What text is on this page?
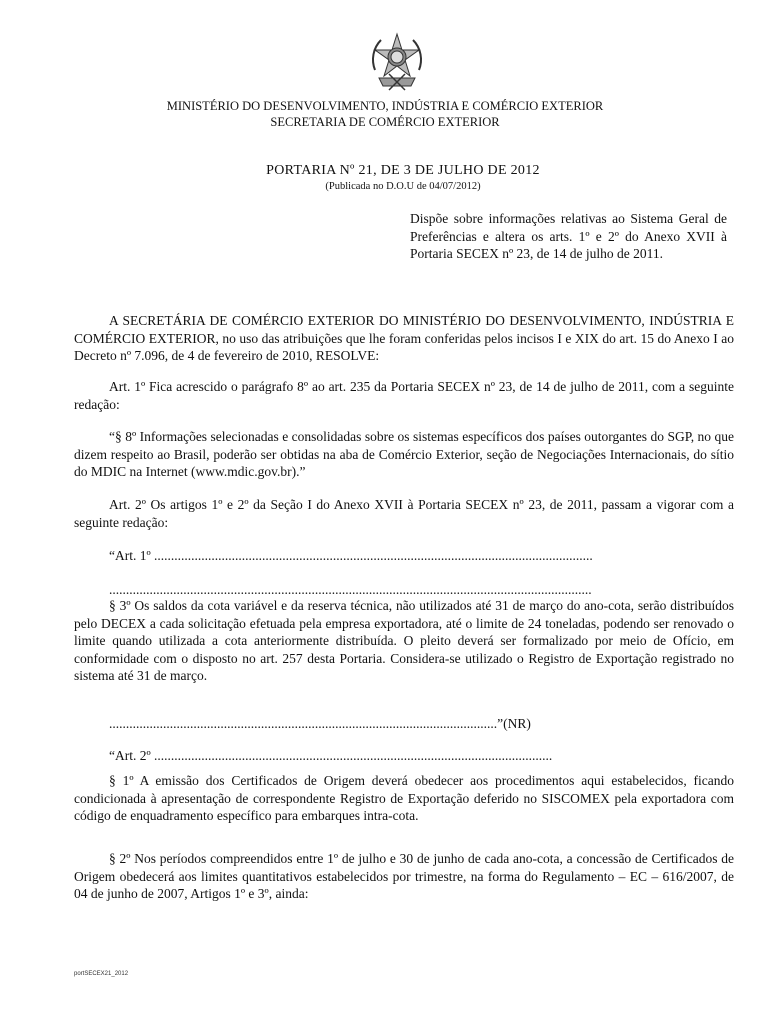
MINISTÉRIO DO DESENVOLVIMENTO, INDÚSTRIA E COMÉRCIO EXTERIOR
SECRETARIA DE COMÉRCIO EXTERIOR
PORTARIA Nº 21, DE 3 DE JULHO DE 2012
(Publicada no D.O.U de 04/07/2012)
Dispõe sobre informações relativas ao Sistema Geral de Preferências e altera os arts. 1º e 2º do Anexo XVII à Portaria SECEX nº 23, de 14 de julho de 2011.

A SECRETÁRIA DE COMÉRCIO EXTERIOR DO MINISTÉRIO DO DESENVOLVIMENTO, INDÚSTRIA E COMÉRCIO EXTERIOR, no uso das atribuições que lhe foram conferidas pelos incisos I e XIX do art. 15 do Anexo I ao Decreto nº 7.096, de 4 de fevereiro de 2010, RESOLVE:

Art. 1º Fica acrescido o parágrafo 8º ao art. 235 da Portaria SECEX nº 23, de 14 de julho de 2011, com a seguinte redação:

“§ 8º Informações selecionadas e consolidadas sobre os sistemas específicos dos países outorgantes do SGP, no que dizem respeito ao Brasil, poderão ser obtidas na aba de Comércio Exterior, seção de Negociações Internacionais, do sítio do MDIC na Internet (www.mdic.gov.br).”

Art. 2º Os artigos 1º e 2º da Seção I do Anexo XVII à Portaria SECEX nº 23, de 2011, passam a vigorar com a seguinte redação:

“Art. 1º ..................................................................................................................................
...............................................................................................................................................

§ 3º Os saldos da cota variável e da reserva técnica, não utilizados até 31 de março do ano-cota, serão distribuídos pelo DECEX a cada solicitação efetuada pela empresa exportadora, até o limite de 24 toneladas, podendo ser renovado o limite quando utilizada a cota anteriormente distribuída. O pleito deverá ser formalizado por meio de Ofício, em conformidade com o disposto no art. 257 desta Portaria. Considera-se utilizado o Registro de Exportação registrado no sistema até 31 de março.

...................................................................................................................”(NR)
“Art. 2º ......................................................................................................................

§ 1º A emissão dos Certificados de Origem deverá obedecer aos procedimentos aqui estabelecidos, ficando condicionada à apresentação de correspondente Registro de Exportação deferido no SISCOMEX pela exportadora com código de enquadramento específico para embarques intra-cota.

§ 2º Nos períodos compreendidos entre 1º de julho e 30 de junho de cada ano-cota, a concessão de Certificados de Origem obedecerá aos limites quantitativos estabelecidos por trimestre, na forma do Regulamento – EC – 616/2007, de 04 de junho de 2007, Artigos 1º e 3º, ainda:

portSECEX21_2012
